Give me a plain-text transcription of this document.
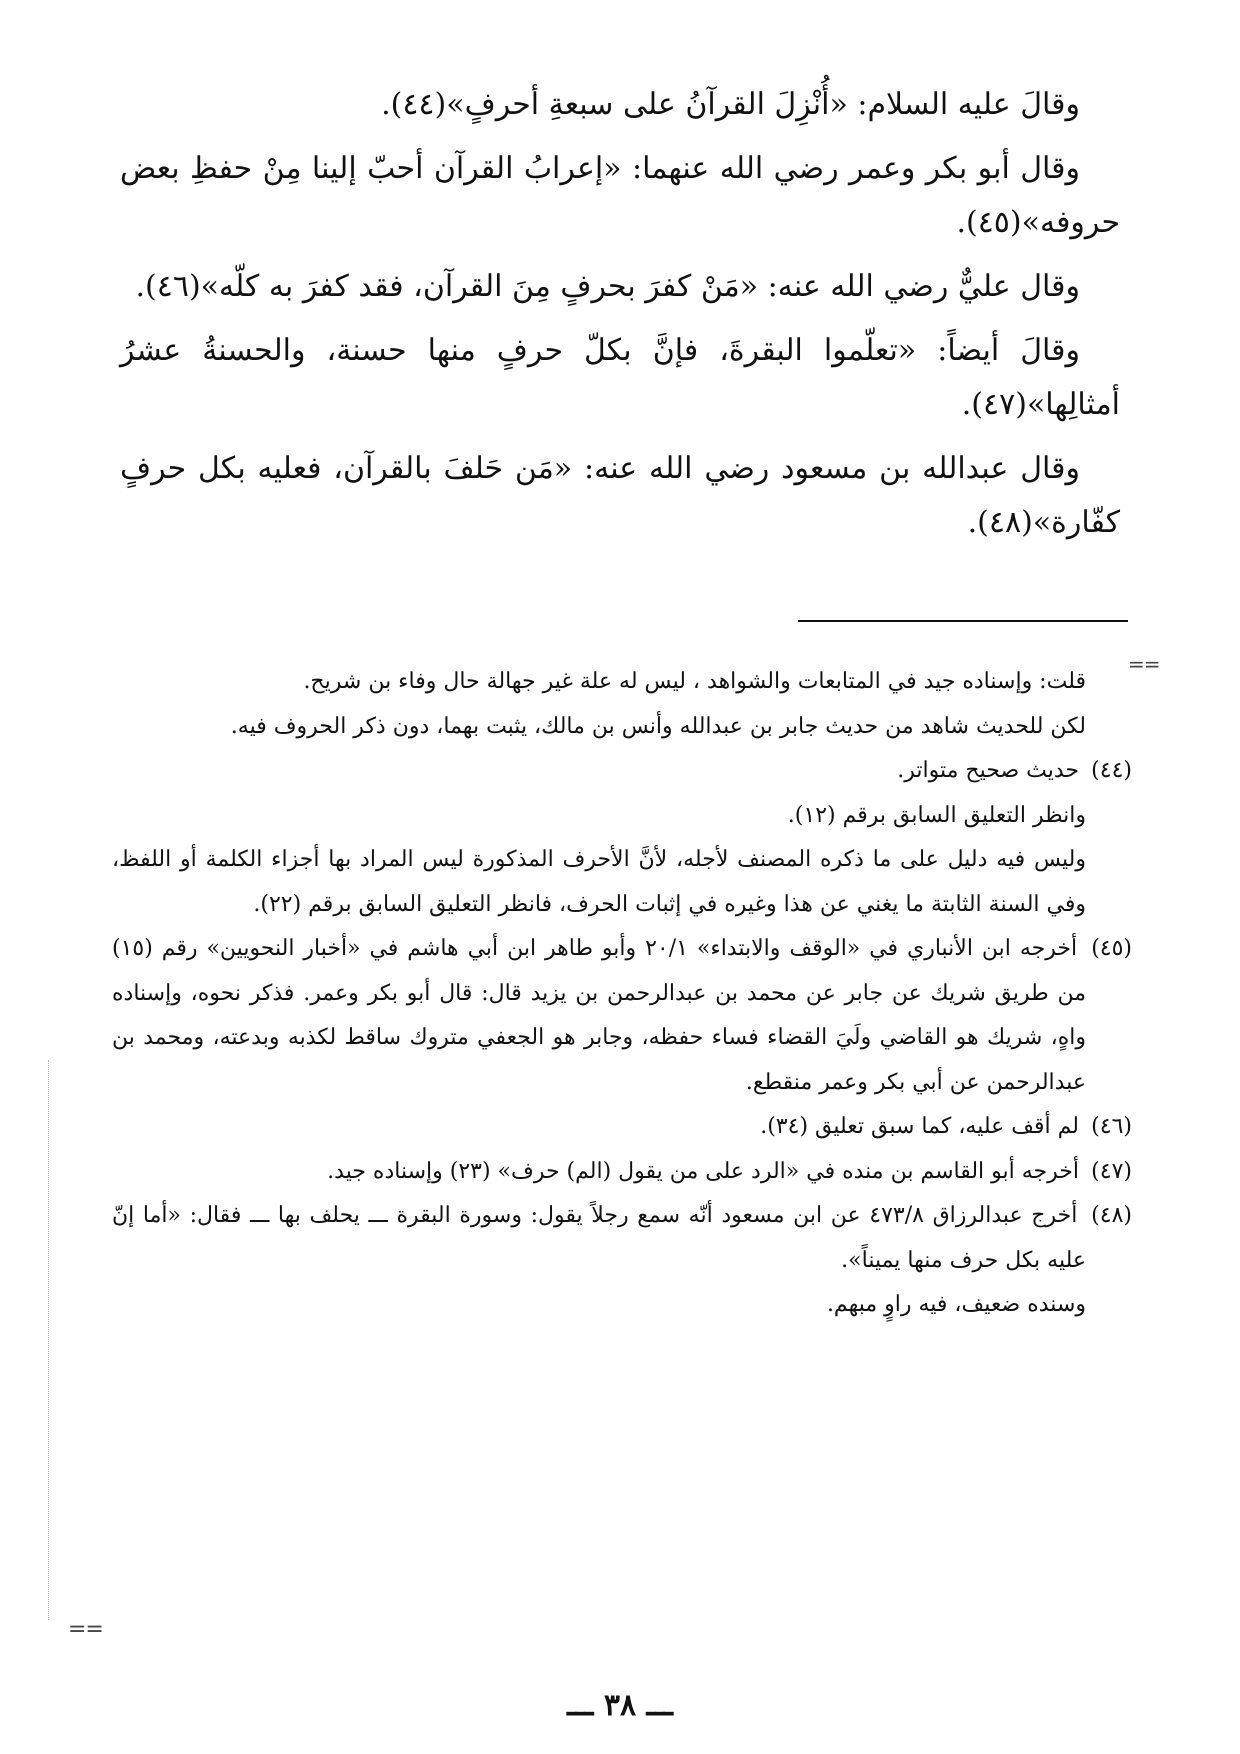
وقالَ عليه السلام: «أُنْزِلَ القرآنُ على سبعةِ أحرفٍ»(٤٤).

وقال أبو بكر وعمر رضي الله عنهما: «إعرابُ القرآن أحبّ إلينا مِنْ حفظِ بعض حروفه»(٤٥).

وقال عليٌّ رضي الله عنه: «مَنْ كفرَ بحرفٍ مِنَ القرآن، فقد كفرَ به كلّه»(٤٦).

وقالَ أيضاً: «تعلّموا البقرةَ، فإنَّ بكلّ حرفٍ منها حسنة، والحسنةُ عشرُ أمثالِها»(٤٧).

وقال عبدالله بن مسعود رضي الله عنه: «مَن حَلفَ بالقرآن، فعليه بكل حرفٍ كفّارة»(٤٨).

==

قلت: وإسناده جيد في المتابعات والشواهد ، ليس له علة غير جهالة حال وفاء بن شريح.

لكن للحديث شاهد من حديث جابر بن عبدالله وأنس بن مالك، يثبت بهما، دون ذكر الحروف فيه.

(٤٤) حديث صحيح متواتر.

وانظر التعليق السابق برقم (١٢).

وليس فيه دليل على ما ذكره المصنف لأجله، لأنَّ الأحرف المذكورة ليس المراد بها أجزاء الكلمة أو اللفظ، وفي السنة الثابتة ما يغني عن هذا وغيره في إثبات الحرف، فانظر التعليق السابق برقم (٢٢).

(٤٥) أخرجه ابن الأنباري في «الوقف والابتداء» ٢٠/١ وأبو طاهر ابن أبي هاشم في «أخبار النحويين» رقم (١٥) من طريق شريك عن جابر عن محمد بن عبدالرحمن بن يزيد قال: قال أبو بكر وعمر. فذكر نحوه، وإسناده واهٍ، شريك هو القاضي ولَيَ القضاء فساء حفظه، وجابر هو الجعفي متروك ساقط لكذبه وبدعته، ومحمد بن عبدالرحمن عن أبي بكر وعمر منقطع.

(٤٦) لم أقف عليه، كما سبق تعليق (٣٤).

(٤٧) أخرجه أبو القاسم بن منده في «الرد على من يقول (الم) حرف» (٢٣) وإسناده جيد.

(٤٨) أخرج عبدالرزاق ٤٧٣/٨ عن ابن مسعود أنّه سمع رجلاً يقول: وسورة البقرة ـــ يحلف بها ـــ فقال: «أما إنّ عليه بكل حرف منها يميناً».

وسنده ضعيف، فيه راوٍ مبهم.

==
ـــ ٣٨ ـــ
